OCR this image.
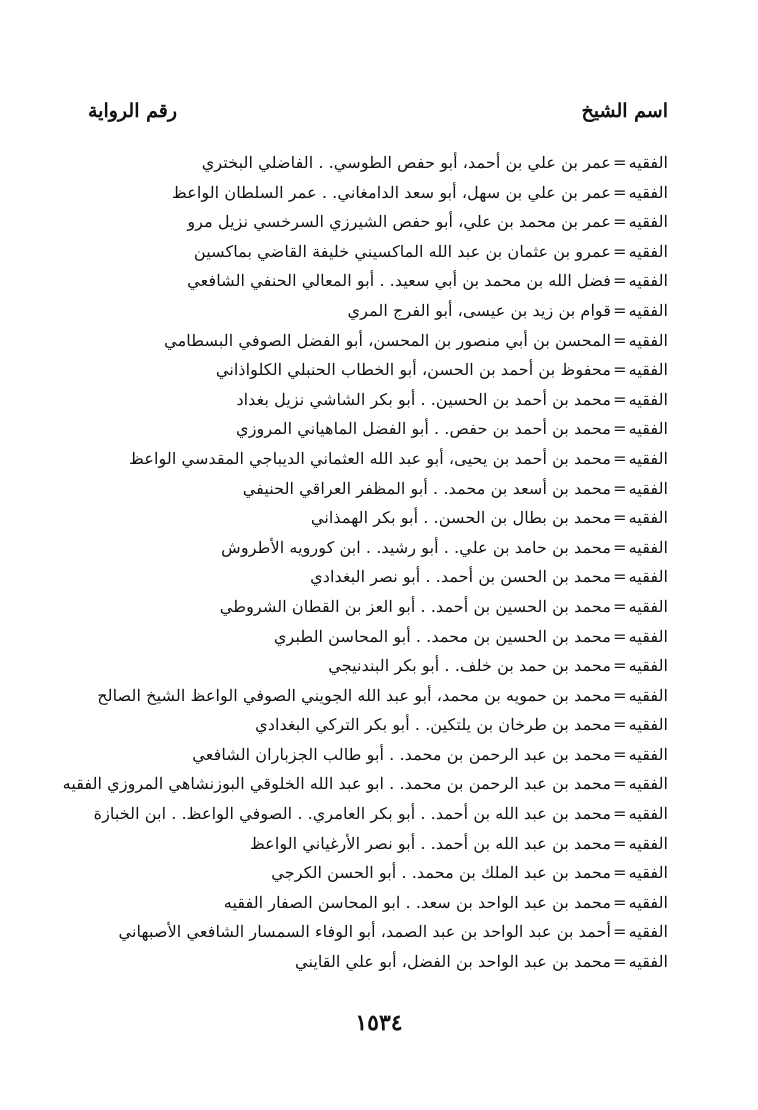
اسم الشيخ
رقم الرواية
الفقيه=عمر بن علي بن أحمد، أبو حفص الطوسي. . الفاضلي البختري
الفقيه=عمر بن علي بن سهل، أبو سعد الدامغاني. . عمر السلطان الواعظ
الفقيه=عمر بن محمد بن علي، أبو حفص الشيرزي السرخسي نزيل مرو
الفقيه=عمرو بن عثمان بن عبد الله الماكسيني خليفة القاضي بماكسين
الفقيه=فضل الله بن محمد بن أبي سعيد. . أبو المعالي الحنفي الشافعي
الفقيه=قوام بن زيد بن عيسى، أبو الفرج المري
الفقيه=المحسن بن أبي منصور بن المحسن، أبو الفضل الصوفي البسطامي
الفقيه=محفوظ بن أحمد بن الحسن، أبو الخطاب الحنبلي الكلواذاني
الفقيه=محمد بن أحمد بن الحسين. . أبو بكر الشاشي نزيل بغداد
الفقيه=محمد بن أحمد بن حفص. . أبو الفضل الماهياني المروزي
الفقيه=محمد بن أحمد بن يحيى، أبو عبد الله العثماني الديباجي المقدسي الواعظ
الفقيه=محمد بن أسعد بن محمد. . أبو المظفر العراقي الحنيفي
الفقيه=محمد بن بطال بن الحسن. . أبو بكر الهمذاني
الفقيه=محمد بن حامد بن علي. . أبو رشيد. . ابن كورويه الأطروش
الفقيه=محمد بن الحسن بن أحمد. . أبو نصر البغدادي
الفقيه=محمد بن الحسين بن أحمد. . أبو العز بن القطان الشروطي
الفقيه=محمد بن الحسين بن محمد. . أبو المحاسن الطبري
الفقيه=محمد بن حمد بن خلف. . أبو بكر البندنيجي
الفقيه=محمد بن حمويه بن محمد، أبو عبد الله الجويني الصوفي الواعظ الشيخ الصالح
الفقيه=محمد بن طرخان بن يلتكين. . أبو بكر التركي البغدادي
الفقيه=محمد بن عبد الرحمن بن محمد. . أبو طالب الجزباران الشافعي
الفقيه=محمد بن عبد الرحمن بن محمد. . ابو عبد الله الخلوقي البوزنشاهي المروزي الفقيه
الفقيه=محمد بن عبد الله بن أحمد. . أبو بكر العامري. . الصوفي الواعظ. . ابن الخبازة
الفقيه=محمد بن عبد الله بن أحمد. . أبو نصر الأرغياني الواعظ
الفقيه=محمد بن عبد الملك بن محمد. . أبو الحسن الكرجي
الفقيه=محمد بن عبد الواحد بن سعد. . ابو المحاسن الصفار الفقيه
الفقيه=أحمد بن عبد الواحد بن عبد الصمد، أبو الوفاء السمسار الشافعي الأصبهاني
الفقيه=محمد بن عبد الواحد بن الفضل، أبو علي القايني
١٥٣٤
